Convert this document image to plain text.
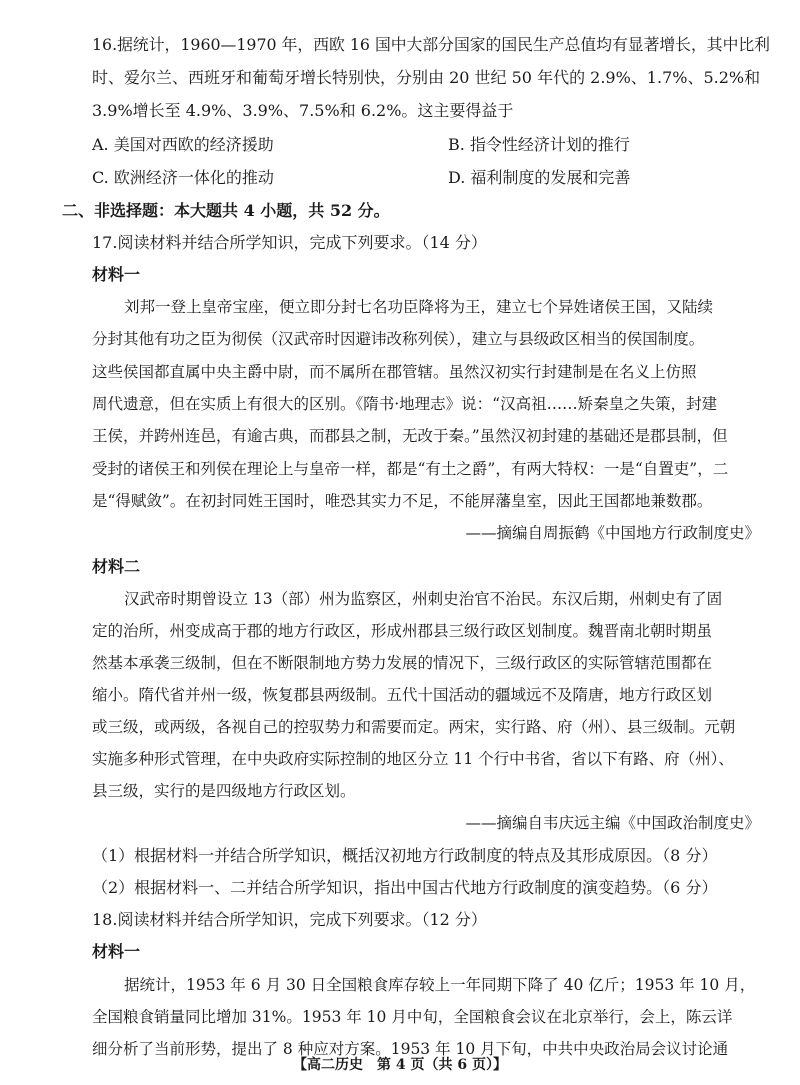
16.据统计，1960—1970 年，西欧 16 国中大部分国家的国民生产总值均有显著增长，其中比利
时、爱尔兰、西班牙和葡萄牙增长特别快，分别由 20 世纪 50 年代的 2.9%、1.7%、5.2%和
3.9%增长至 4.9%、3.9%、7.5%和 6.2%。这主要得益于
A. 美国对西欧的经济援助	B. 指令性经济计划的推行
C. 欧洲经济一体化的推动	D. 福利制度的发展和完善
二、非选择题：本大题共 4 小题，共 52 分。
17.阅读材料并结合所学知识，完成下列要求。（14 分）
材料一
刘邦一登上皇帝宝座，便立即分封七名功臣降将为王，建立七个异姓诸侯王国，又陆续
分封其他有功之臣为彻侯（汉武帝时因避讳改称列侯），建立与县级政区相当的侯国制度。
这些侯国都直属中央主爵中尉，而不属所在郡管辖。虽然汉初实行封建制是在名义上仿照
周代遗意，但在实质上有很大的区别。《隋书·地理志》说：“汉高祖……矫秦皇之失策，封建
王侯，并跨州连邑，有逾古典，而郡县之制，无改于秦。”虽然汉初封建的基础还是郡县制，但
受封的诸侯王和列侯在理论上与皇帝一样，都是“有土之爵”，有两大特权：一是“自置吏”，二
是“得赋敛”。在初封同姓王国时，唯恐其实力不足，不能屏藩皇室，因此王国都地兼数郡。
——摘编自周振鹤《中国地方行政制度史》
材料二
汉武帝时期曾设立 13（部）州为监察区，州刺史治官不治民。东汉后期，州刺史有了固
定的治所，州变成高于郡的地方行政区，形成州郡县三级行政区划制度。魏晋南北朝时期虽
然基本承袭三级制，但在不断限制地方势力发展的情况下，三级行政区的实际管辖范围都在
缩小。隋代省并州一级，恢复郡县两级制。五代十国活动的疆域远不及隋唐，地方行政区划
或三级，或两级，各视自己的控驭势力和需要而定。两宋，实行路、府（州）、县三级制。元朝
实施多种形式管理，在中央政府实际控制的地区分立 11 个行中书省，省以下有路、府（州）、
县三级，实行的是四级地方行政区划。
——摘编自韦庆远主编《中国政治制度史》
（1）根据材料一并结合所学知识，概括汉初地方行政制度的特点及其形成原因。（8 分）
（2）根据材料一、二并结合所学知识，指出中国古代地方行政制度的演变趋势。（6 分）
18.阅读材料并结合所学知识，完成下列要求。（12 分）
材料一
据统计，1953 年 6 月 30 日全国粮食库存较上一年同期下降了 40 亿斤；1953 年 10 月，
全国粮食销量同比增加 31%。1953 年 10 月中旬，全国粮食会议在北京举行，会上，陈云详
细分析了当前形势，提出了 8 种应对方案。1953 年 10 月下旬，中共中央政治局会议讨论通
【高二历史　第 4 页（共 6 页）】
